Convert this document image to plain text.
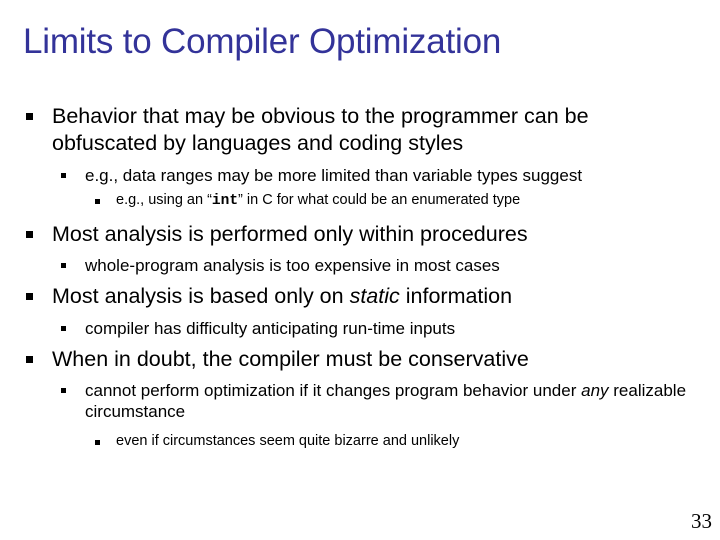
Limits to Compiler Optimization
Behavior that may be obvious to the programmer can be obfuscated by languages and coding styles
e.g., data ranges may be more limited than variable types suggest
e.g., using an “int” in C for what could be an enumerated type
Most analysis is performed only within procedures
whole-program analysis is too expensive in most cases
Most analysis is based only on static information
compiler has difficulty anticipating run-time inputs
When in doubt, the compiler must be conservative
cannot perform optimization if it changes program behavior under any realizable circumstance
even if circumstances seem quite bizarre and unlikely
33
